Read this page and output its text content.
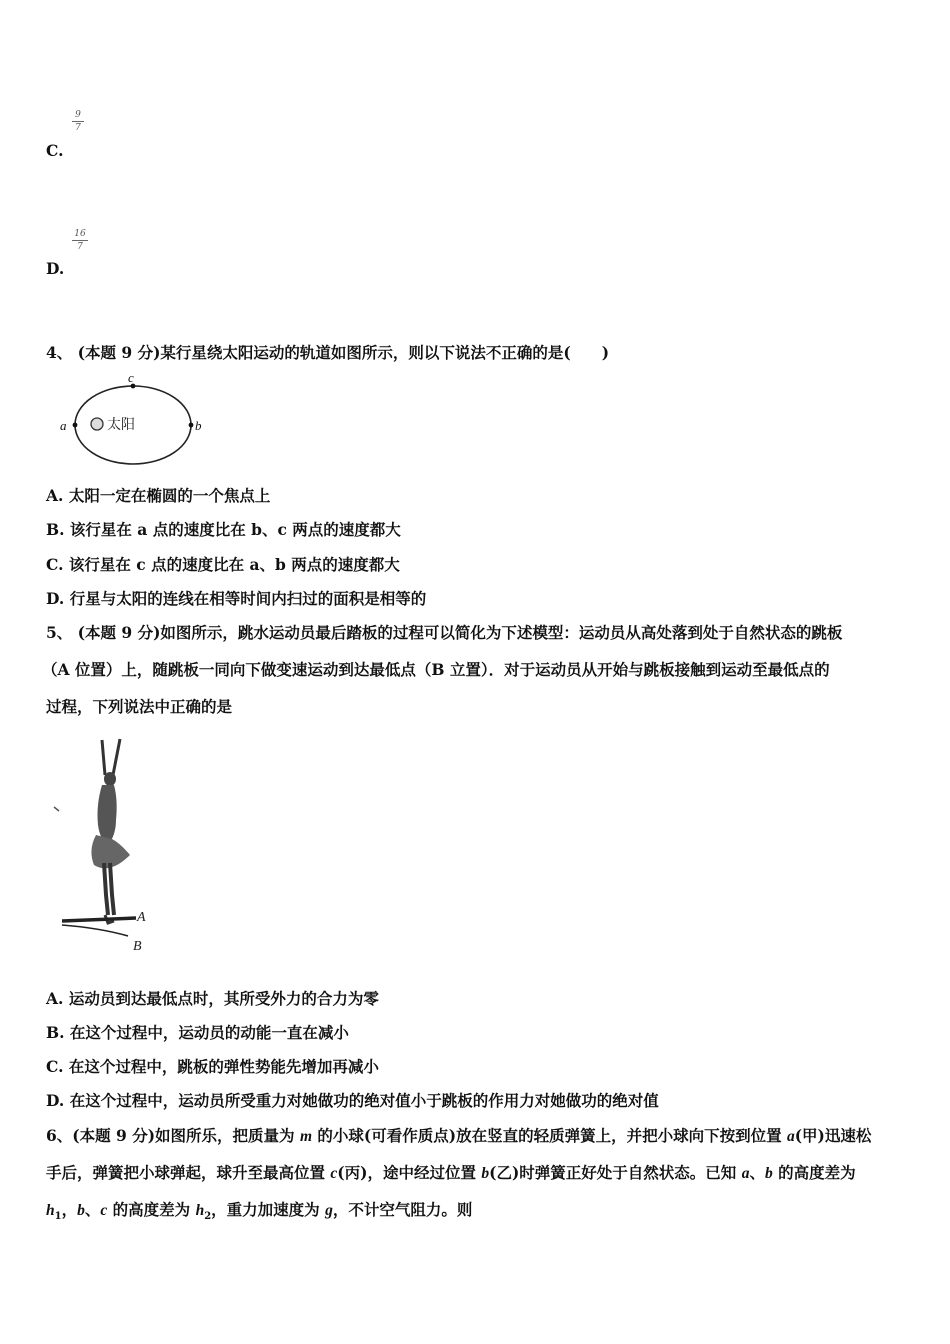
9
7
C.
16
7
D.
4、 (本题 9 分)某行星绕太阳运动的轨道如图所示，则以下说法不正确的是(　　)
太阳
a	b
c
A. 太阳一定在椭圆的一个焦点上
B. 该行星在 a 点的速度比在 b、c 两点的速度都大
C. 该行星在 c 点的速度比在 a、b 两点的速度都大
D. 行星与太阳的连线在相等时间内扫过的面积是相等的
5、 (本题 9 分)如图所示，跳水运动员最后踏板的过程可以简化为下述模型：运动员从高处落到处于自然状态的跳板
（A 位置）上，随跳板一同向下做变速运动到达最低点（B 立置）．对于运动员从开始与跳板接触到运动至最低点的
过程，下列说法中正确的是
A
B
A. 运动员到达最低点时，其所受外力的合力为零
B. 在这个过程中，运动员的动能一直在减小
C. 在这个过程中，跳板的弹性势能先增加再减小
D. 在这个过程中，运动员所受重力对她做功的绝对值小于跳板的作用力对她做功的绝对值
6、(本题 9 分)如图所乐，把质量为 m 的小球(可看作质点)放在竖直的轻质弹簧上，并把小球向下按到位置 a(甲)迅速松
手后，弹簧把小球弹起，球升至最高位置 c(丙)，途中经过位置 b(乙)时弹簧正好处于自然状态。已知 a、b 的高度差为
$h_1$，b、c 的高度差为 $h_2$，重力加速度为 g，不计空气阻力。则
